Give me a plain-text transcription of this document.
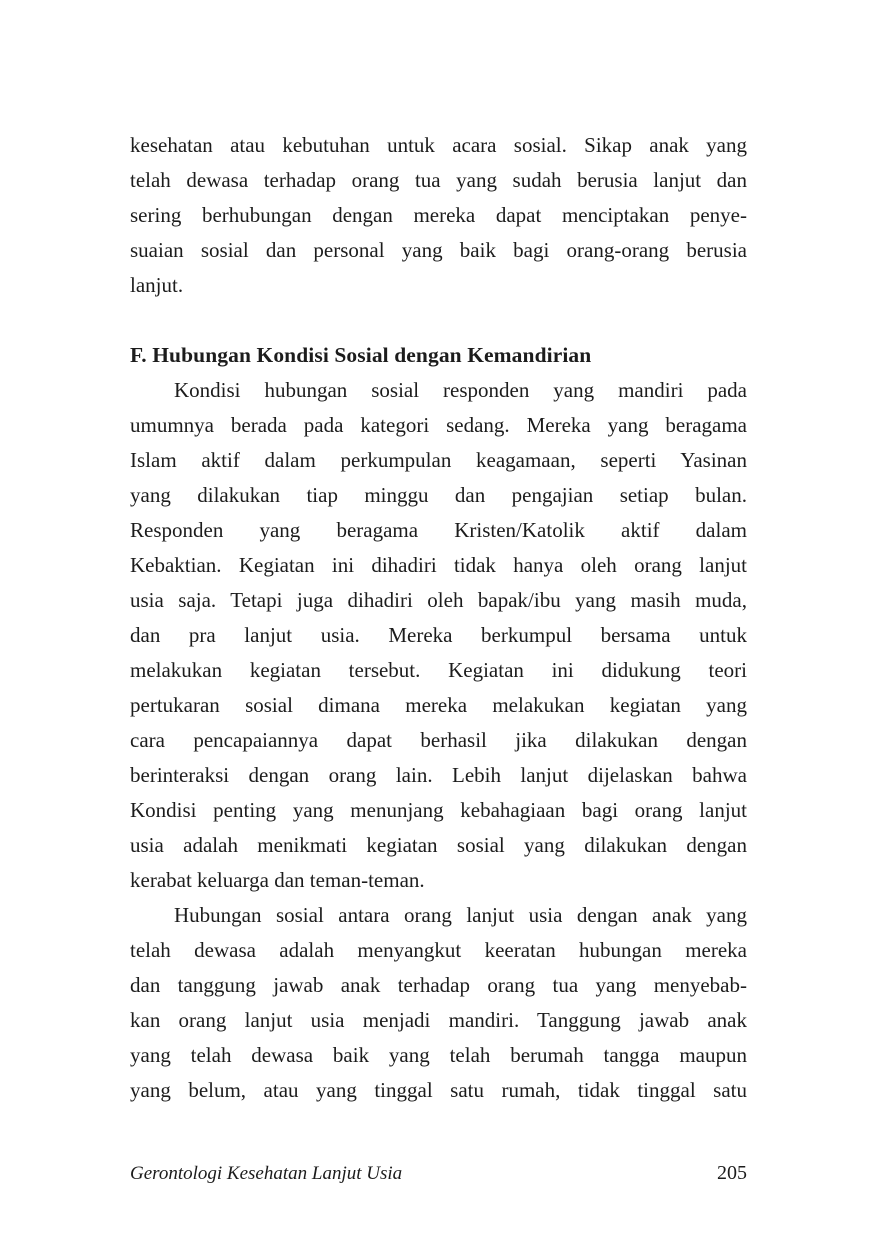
kesehatan atau kebutuhan untuk acara sosial. Sikap anak yang
telah dewasa terhadap orang tua yang sudah berusia lanjut dan
sering berhubungan dengan mereka dapat menciptakan penye-
suaian sosial dan personal yang baik bagi orang-orang berusia
lanjut.
F. Hubungan Kondisi Sosial dengan Kemandirian
Kondisi hubungan sosial responden yang mandiri pada
umumnya berada pada kategori sedang. Mereka yang beragama
Islam aktif dalam perkumpulan keagamaan, seperti Yasinan
yang dilakukan tiap minggu dan pengajian setiap bulan.
Responden yang beragama Kristen/Katolik aktif dalam
Kebaktian. Kegiatan ini dihadiri tidak hanya oleh orang lanjut
usia saja. Tetapi juga dihadiri oleh bapak/ibu yang masih muda,
dan pra lanjut usia. Mereka berkumpul bersama untuk
melakukan kegiatan tersebut. Kegiatan ini didukung teori
pertukaran sosial dimana mereka melakukan kegiatan yang
cara pencapaiannya dapat berhasil jika dilakukan dengan
berinteraksi dengan orang lain. Lebih lanjut dijelaskan bahwa
Kondisi penting yang menunjang kebahagiaan bagi orang lanjut
usia adalah menikmati kegiatan sosial yang dilakukan dengan
kerabat keluarga dan teman-teman.
Hubungan sosial antara orang lanjut usia dengan anak yang
telah dewasa adalah menyangkut keeratan hubungan mereka
dan tanggung jawab anak terhadap orang tua yang menyebab-
kan orang lanjut usia menjadi mandiri. Tanggung jawab anak
yang telah dewasa baik yang telah berumah tangga maupun
yang belum, atau yang tinggal satu rumah, tidak tinggal satu
Gerontologi Kesehatan Lanjut Usia	205
